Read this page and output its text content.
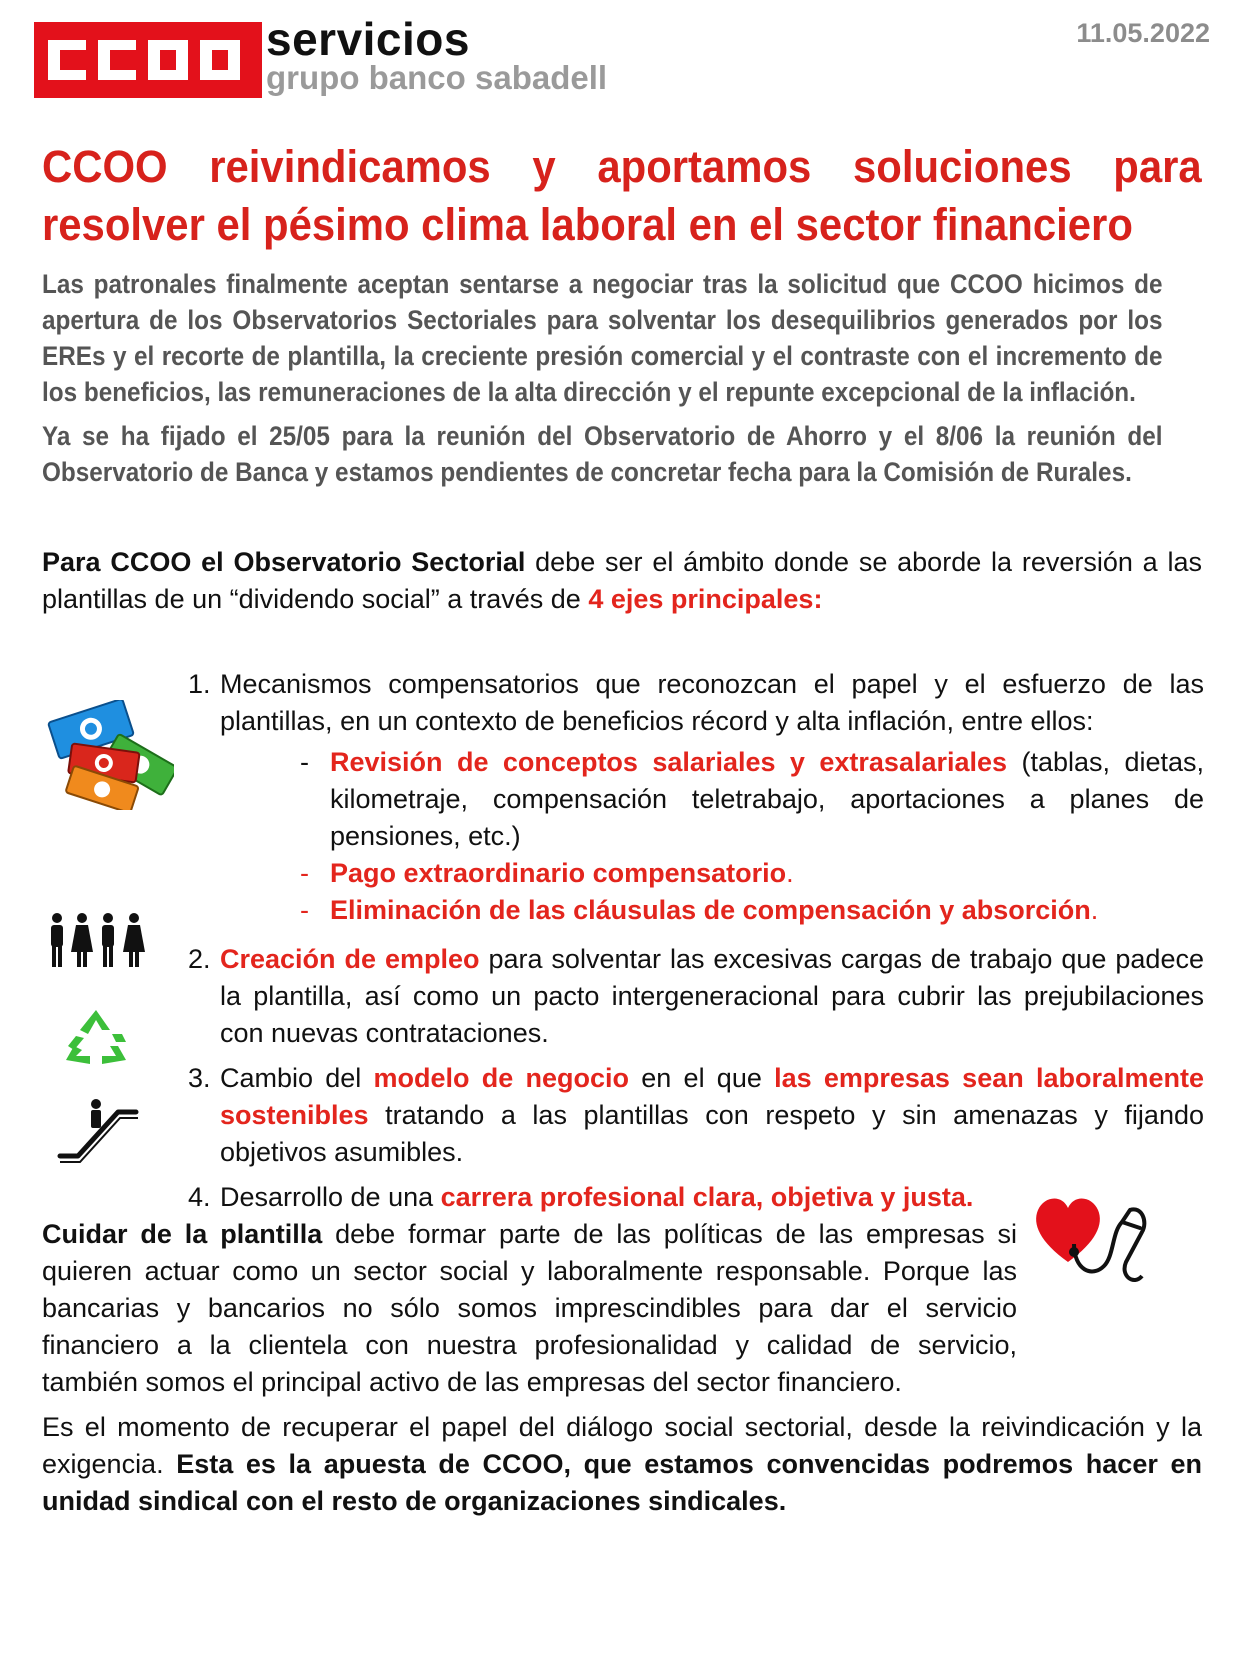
servicios
grupo banco sabadell
11.05.2022
CCOO reivindicamos y aportamos soluciones para resolver el pésimo clima laboral en el sector financiero

Las patronales finalmente aceptan sentarse a negociar tras la solicitud que CCOO hicimos de apertura de los Observatorios Sectoriales para solventar los desequilibrios generados por los EREs y el recorte de plantilla, la creciente presión comercial y el contraste con el incremento de los beneficios, las remuneraciones de la alta dirección y el repunte excepcional de la inflación.

Ya se ha fijado el 25/05 para la reunión del Observatorio de Ahorro y el 8/06 la reunión del Observatorio de Banca y estamos pendientes de concretar fecha para la Comisión de Rurales.

Para CCOO el Observatorio Sectorial debe ser el ámbito donde se aborde la reversión a las plantillas de un “dividendo social” a través de 4 ejes principales:

1. Mecanismos compensatorios que reconozcan el papel y el esfuerzo de las plantillas, en un contexto de beneficios récord y alta inflación, entre ellos:
- Revisión de conceptos salariales y extrasalariales (tablas, dietas, kilometraje, compensación teletrabajo, aportaciones a planes de pensiones, etc.)
- Pago extraordinario compensatorio.
- Eliminación de las cláusulas de compensación y absorción.
2. Creación de empleo para solventar las excesivas cargas de trabajo que padece la plantilla, así como un pacto intergeneracional para cubrir las prejubilaciones con nuevas contrataciones.
3. Cambio del modelo de negocio en el que las empresas sean laboralmente sostenibles tratando a las plantillas con respeto y sin amenazas y fijando objetivos asumibles.
4. Desarrollo de una carrera profesional clara, objetiva y justa.

Cuidar de la plantilla debe formar parte de las políticas de las empresas si quieren actuar como un sector social y laboralmente responsable. Porque las bancarias y bancarios no sólo somos imprescindibles para dar el servicio financiero a la clientela con nuestra profesionalidad y calidad de servicio, también somos el principal activo de las empresas del sector financiero.

Es el momento de recuperar el papel del diálogo social sectorial, desde la reivindicación y la exigencia. Esta es la apuesta de CCOO, que estamos convencidas podremos hacer en unidad sindical con el resto de organizaciones sindicales.
